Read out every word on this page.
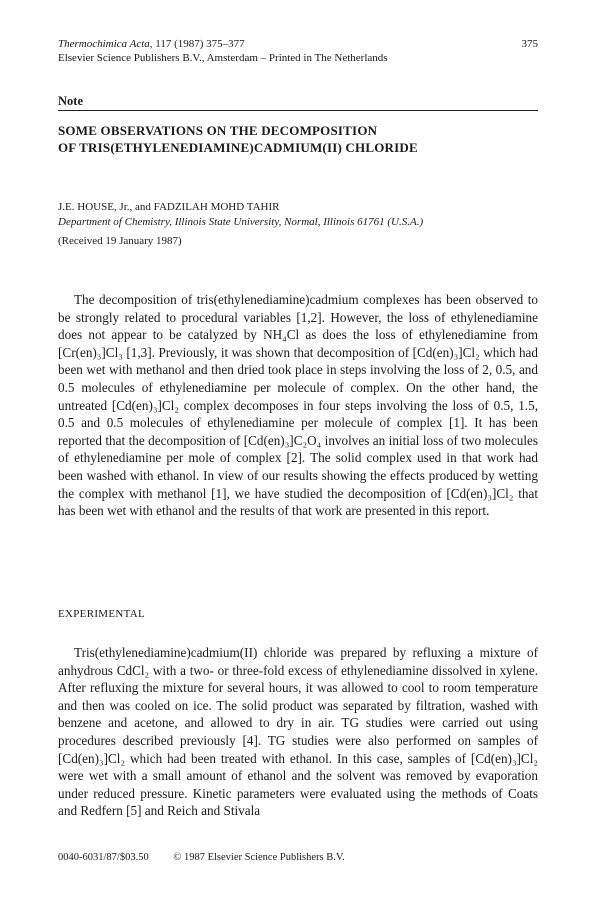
Thermochimica Acta, 117 (1987) 375–377	375
Elsevier Science Publishers B.V., Amsterdam – Printed in The Netherlands
Note
SOME OBSERVATIONS ON THE DECOMPOSITION
OF TRIS(ETHYLENEDIAMINE)CADMIUM(II) CHLORIDE
J.E. HOUSE, Jr., and FADZILAH MOHD TAHIR
Department of Chemistry, Illinois State University, Normal, Illinois 61761 (U.S.A.)
(Received 19 January 1987)

The decomposition of tris(ethylenediamine)cadmium complexes has been observed to be strongly related to procedural variables [1,2]. However, the loss of ethylenediamine does not appear to be catalyzed by NH₄Cl as does the loss of ethylenediamine from [Cr(en)₃]Cl₃ [1,3]. Previously, it was shown that decomposition of [Cd(en)₃]Cl₂ which had been wet with methanol and then dried took place in steps involving the loss of 2, 0.5, and 0.5 molecules of ethylenediamine per molecule of complex. On the other hand, the untreated [Cd(en)₃]Cl₂ complex decomposes in four steps involving the loss of 0.5, 1.5, 0.5 and 0.5 molecules of ethylenediamine per molecule of complex [1]. It has been reported that the decomposition of [Cd(en)₃]C₂O₄ involves an initial loss of two molecules of ethylenediamine per mole of complex [2]. The solid complex used in that work had been washed with ethanol. In view of our results showing the effects produced by wetting the complex with methanol [1], we have studied the decomposition of [Cd(en)₃]Cl₂ that has been wet with ethanol and the results of that work are presented in this report.

EXPERIMENTAL

Tris(ethylenediamine)cadmium(II) chloride was prepared by refluxing a mixture of anhydrous CdCl₂ with a two- or three-fold excess of ethylenediamine dissolved in xylene. After refluxing the mixture for several hours, it was allowed to cool to room temperature and then was cooled on ice. The solid product was separated by filtration, washed with benzene and acetone, and allowed to dry in air. TG studies were carried out using procedures described previously [4]. TG studies were also performed on samples of [Cd(en)₃]Cl₂ which had been treated with ethanol. In this case, samples of [Cd(en)₃]Cl₂ were wet with a small amount of ethanol and the solvent was removed by evaporation under reduced pressure. Kinetic parameters were evaluated using the methods of Coats and Redfern [5] and Reich and Stivala

0040-6031/87/$03.50 © 1987 Elsevier Science Publishers B.V.
